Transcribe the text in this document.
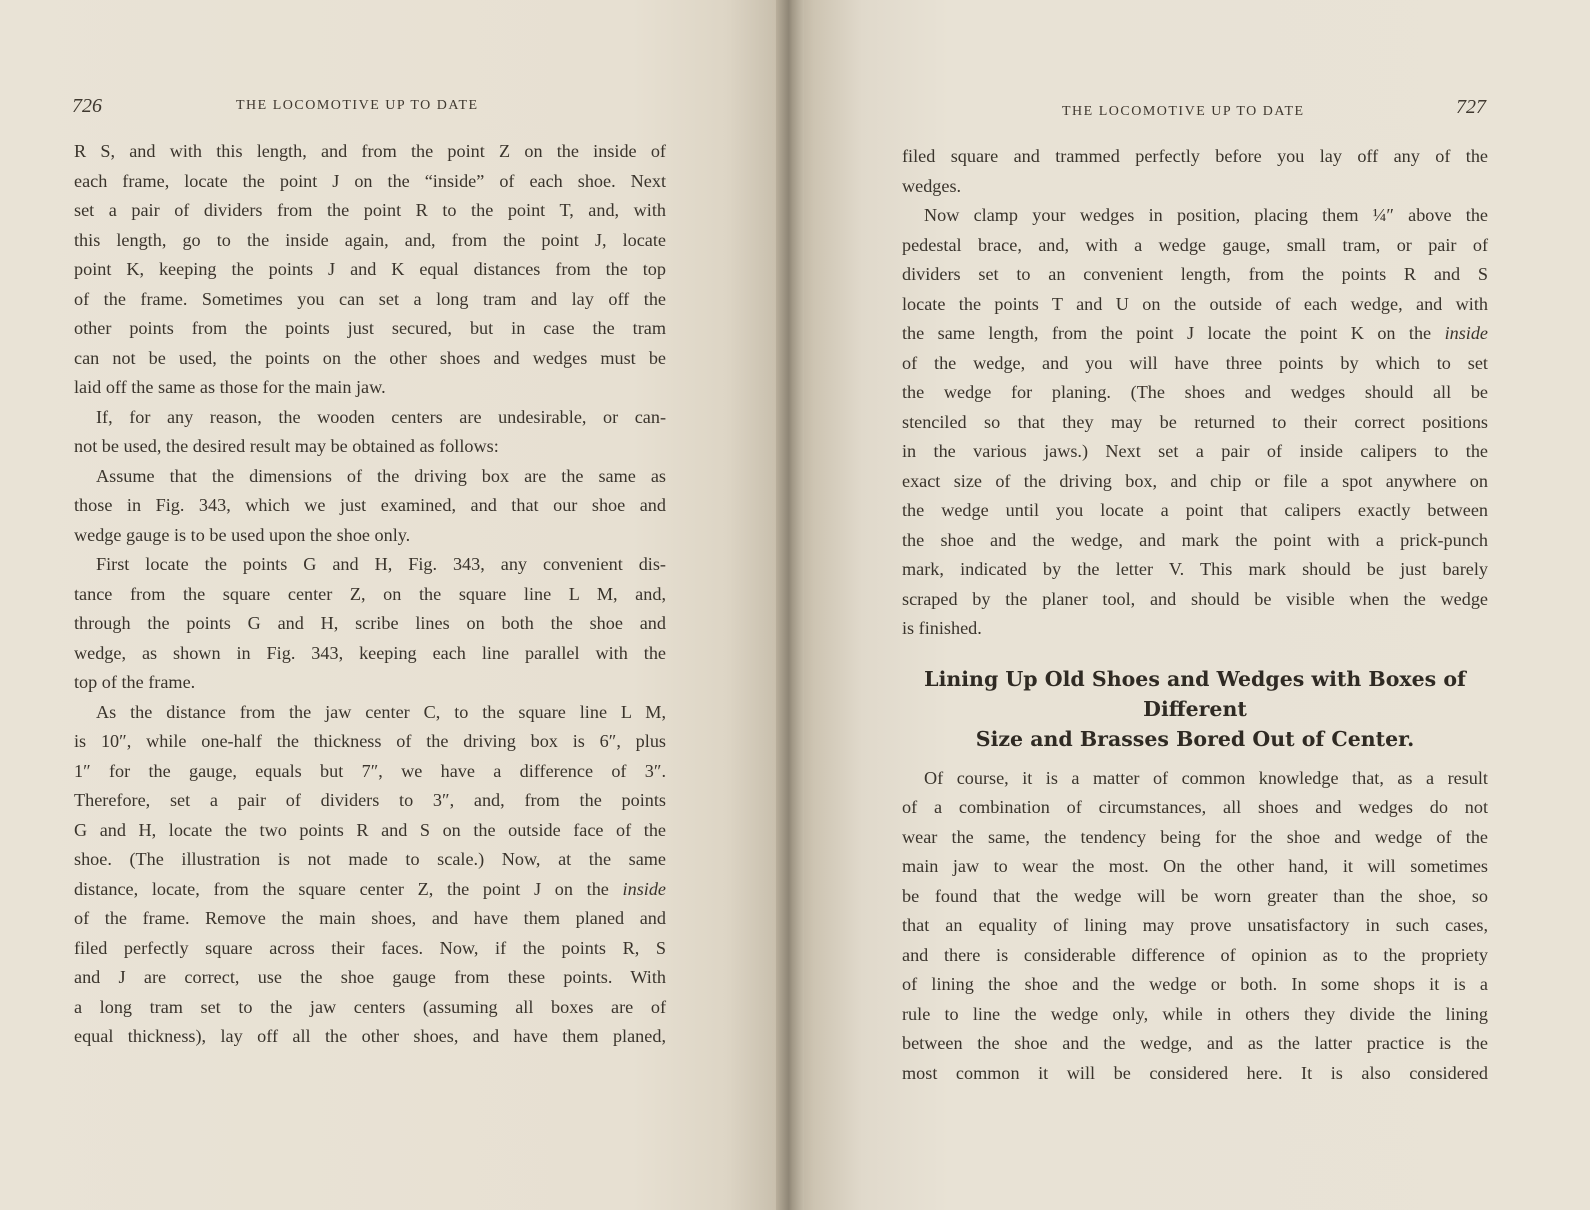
726	THE LOCOMOTIVE UP TO DATE
R S, and with this length, and from the point Z on the inside of
each frame, locate the point J on the “inside” of each shoe. Next
set a pair of dividers from the point R to the point T, and, with
this length, go to the inside again, and, from the point J, locate
point K, keeping the points J and K equal distances from the top
of the frame. Sometimes you can set a long tram and lay off the
other points from the points just secured, but in case the tram
can not be used, the points on the other shoes and wedges must be
laid off the same as those for the main jaw.
If, for any reason, the wooden centers are undesirable, or can-
not be used, the desired result may be obtained as follows:
Assume that the dimensions of the driving box are the same as
those in Fig. 343, which we just examined, and that our shoe and
wedge gauge is to be used upon the shoe only.
First locate the points G and H, Fig. 343, any convenient dis-
tance from the square center Z, on the square line L M, and,
through the points G and H, scribe lines on both the shoe and
wedge, as shown in Fig. 343, keeping each line parallel with the
top of the frame.
As the distance from the jaw center C, to the square line L M,
is 10″, while one-half the thickness of the driving box is 6″, plus
1″ for the gauge, equals but 7″, we have a difference of 3″.
Therefore, set a pair of dividers to 3″, and, from the points
G and H, locate the two points R and S on the outside face of the
shoe. (The illustration is not made to scale.) Now, at the same
distance, locate, from the square center Z, the point J on the inside
of the frame. Remove the main shoes, and have them planed and
filed perfectly square across their faces. Now, if the points R, S
and J are correct, use the shoe gauge from these points. With
a long tram set to the jaw centers (assuming all boxes are of
equal thickness), lay off all the other shoes, and have them planed,
THE LOCOMOTIVE UP TO DATE	727
filed square and trammed perfectly before you lay off any of the
wedges.
Now clamp your wedges in position, placing them ¼″ above the
pedestal brace, and, with a wedge gauge, small tram, or pair of
dividers set to an convenient length, from the points R and S
locate the points T and U on the outside of each wedge, and with
the same length, from the point J locate the point K on the inside
of the wedge, and you will have three points by which to set
the wedge for planing. (The shoes and wedges should all be
stenciled so that they may be returned to their correct positions
in the various jaws.) Next set a pair of inside calipers to the
exact size of the driving box, and chip or file a spot anywhere on
the wedge until you locate a point that calipers exactly between
the shoe and the wedge, and mark the point with a prick-punch
mark, indicated by the letter V. This mark should be just barely
scraped by the planer tool, and should be visible when the wedge
is finished.
Lining Up Old Shoes and Wedges with Boxes of Different
Size and Brasses Bored Out of Center.
Of course, it is a matter of common knowledge that, as a result
of a combination of circumstances, all shoes and wedges do not
wear the same, the tendency being for the shoe and wedge of the
main jaw to wear the most. On the other hand, it will sometimes
be found that the wedge will be worn greater than the shoe, so
that an equality of lining may prove unsatisfactory in such cases,
and there is considerable difference of opinion as to the propriety
of lining the shoe and the wedge or both. In some shops it is a
rule to line the wedge only, while in others they divide the lining
between the shoe and the wedge, and as the latter practice is the
most common it will be considered here. It is also considered
